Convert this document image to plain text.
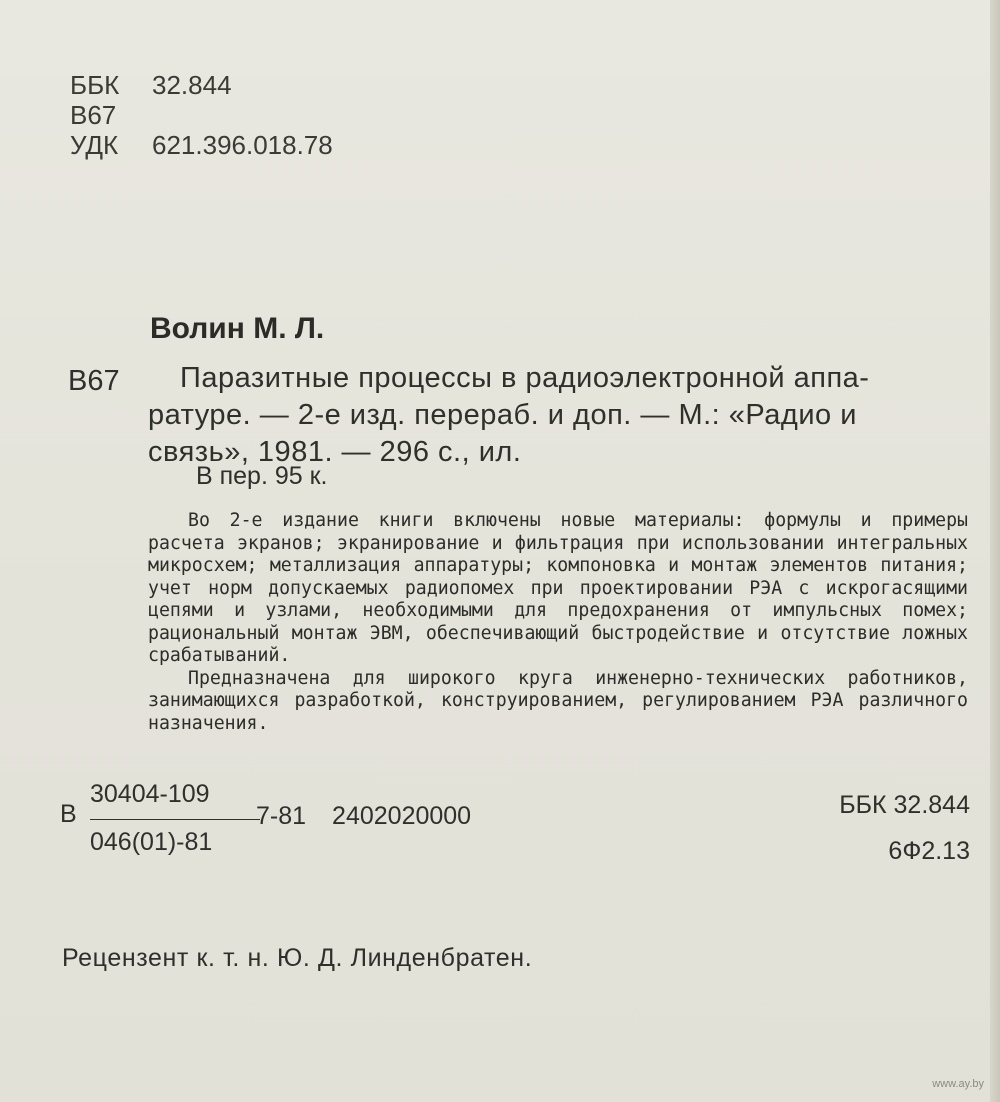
ББК	32.844
В67
УДК	621.396.018.78
Волин М. Л.
В67	Паразитные процессы в радиоэлектронной аппа-
ратуре. — 2-е изд. перераб. и доп. — М.: «Радио и
связь», 1981. — 296 с., ил.
В пер. 95 к.

Во 2-е издание книги включены новые материалы: формулы и примеры расчета экранов; экранирование и фильтрация при использовании интегральных микросхем; металлизация аппаратуры; компоновка и монтаж элементов питания; учет норм допускаемых радиопомех при проектировании РЭА с искрогасящими цепями и узлами, необходимыми для предохранения от импульсных помех; рациональный монтаж ЭВМ, обеспечивающий быстродействие и отсутствие ложных срабатываний.

Предназначена для широкого круга инженерно-технических работников, занимающихся разработкой, конструированием, регулированием РЭА различного назначения.

В
30404-109
046(01)-81
7-81 2402020000	ББК 32.844
6Ф2.13
Рецензент к. т. н. Ю. Д. Линденбратен.
www.ay.by
